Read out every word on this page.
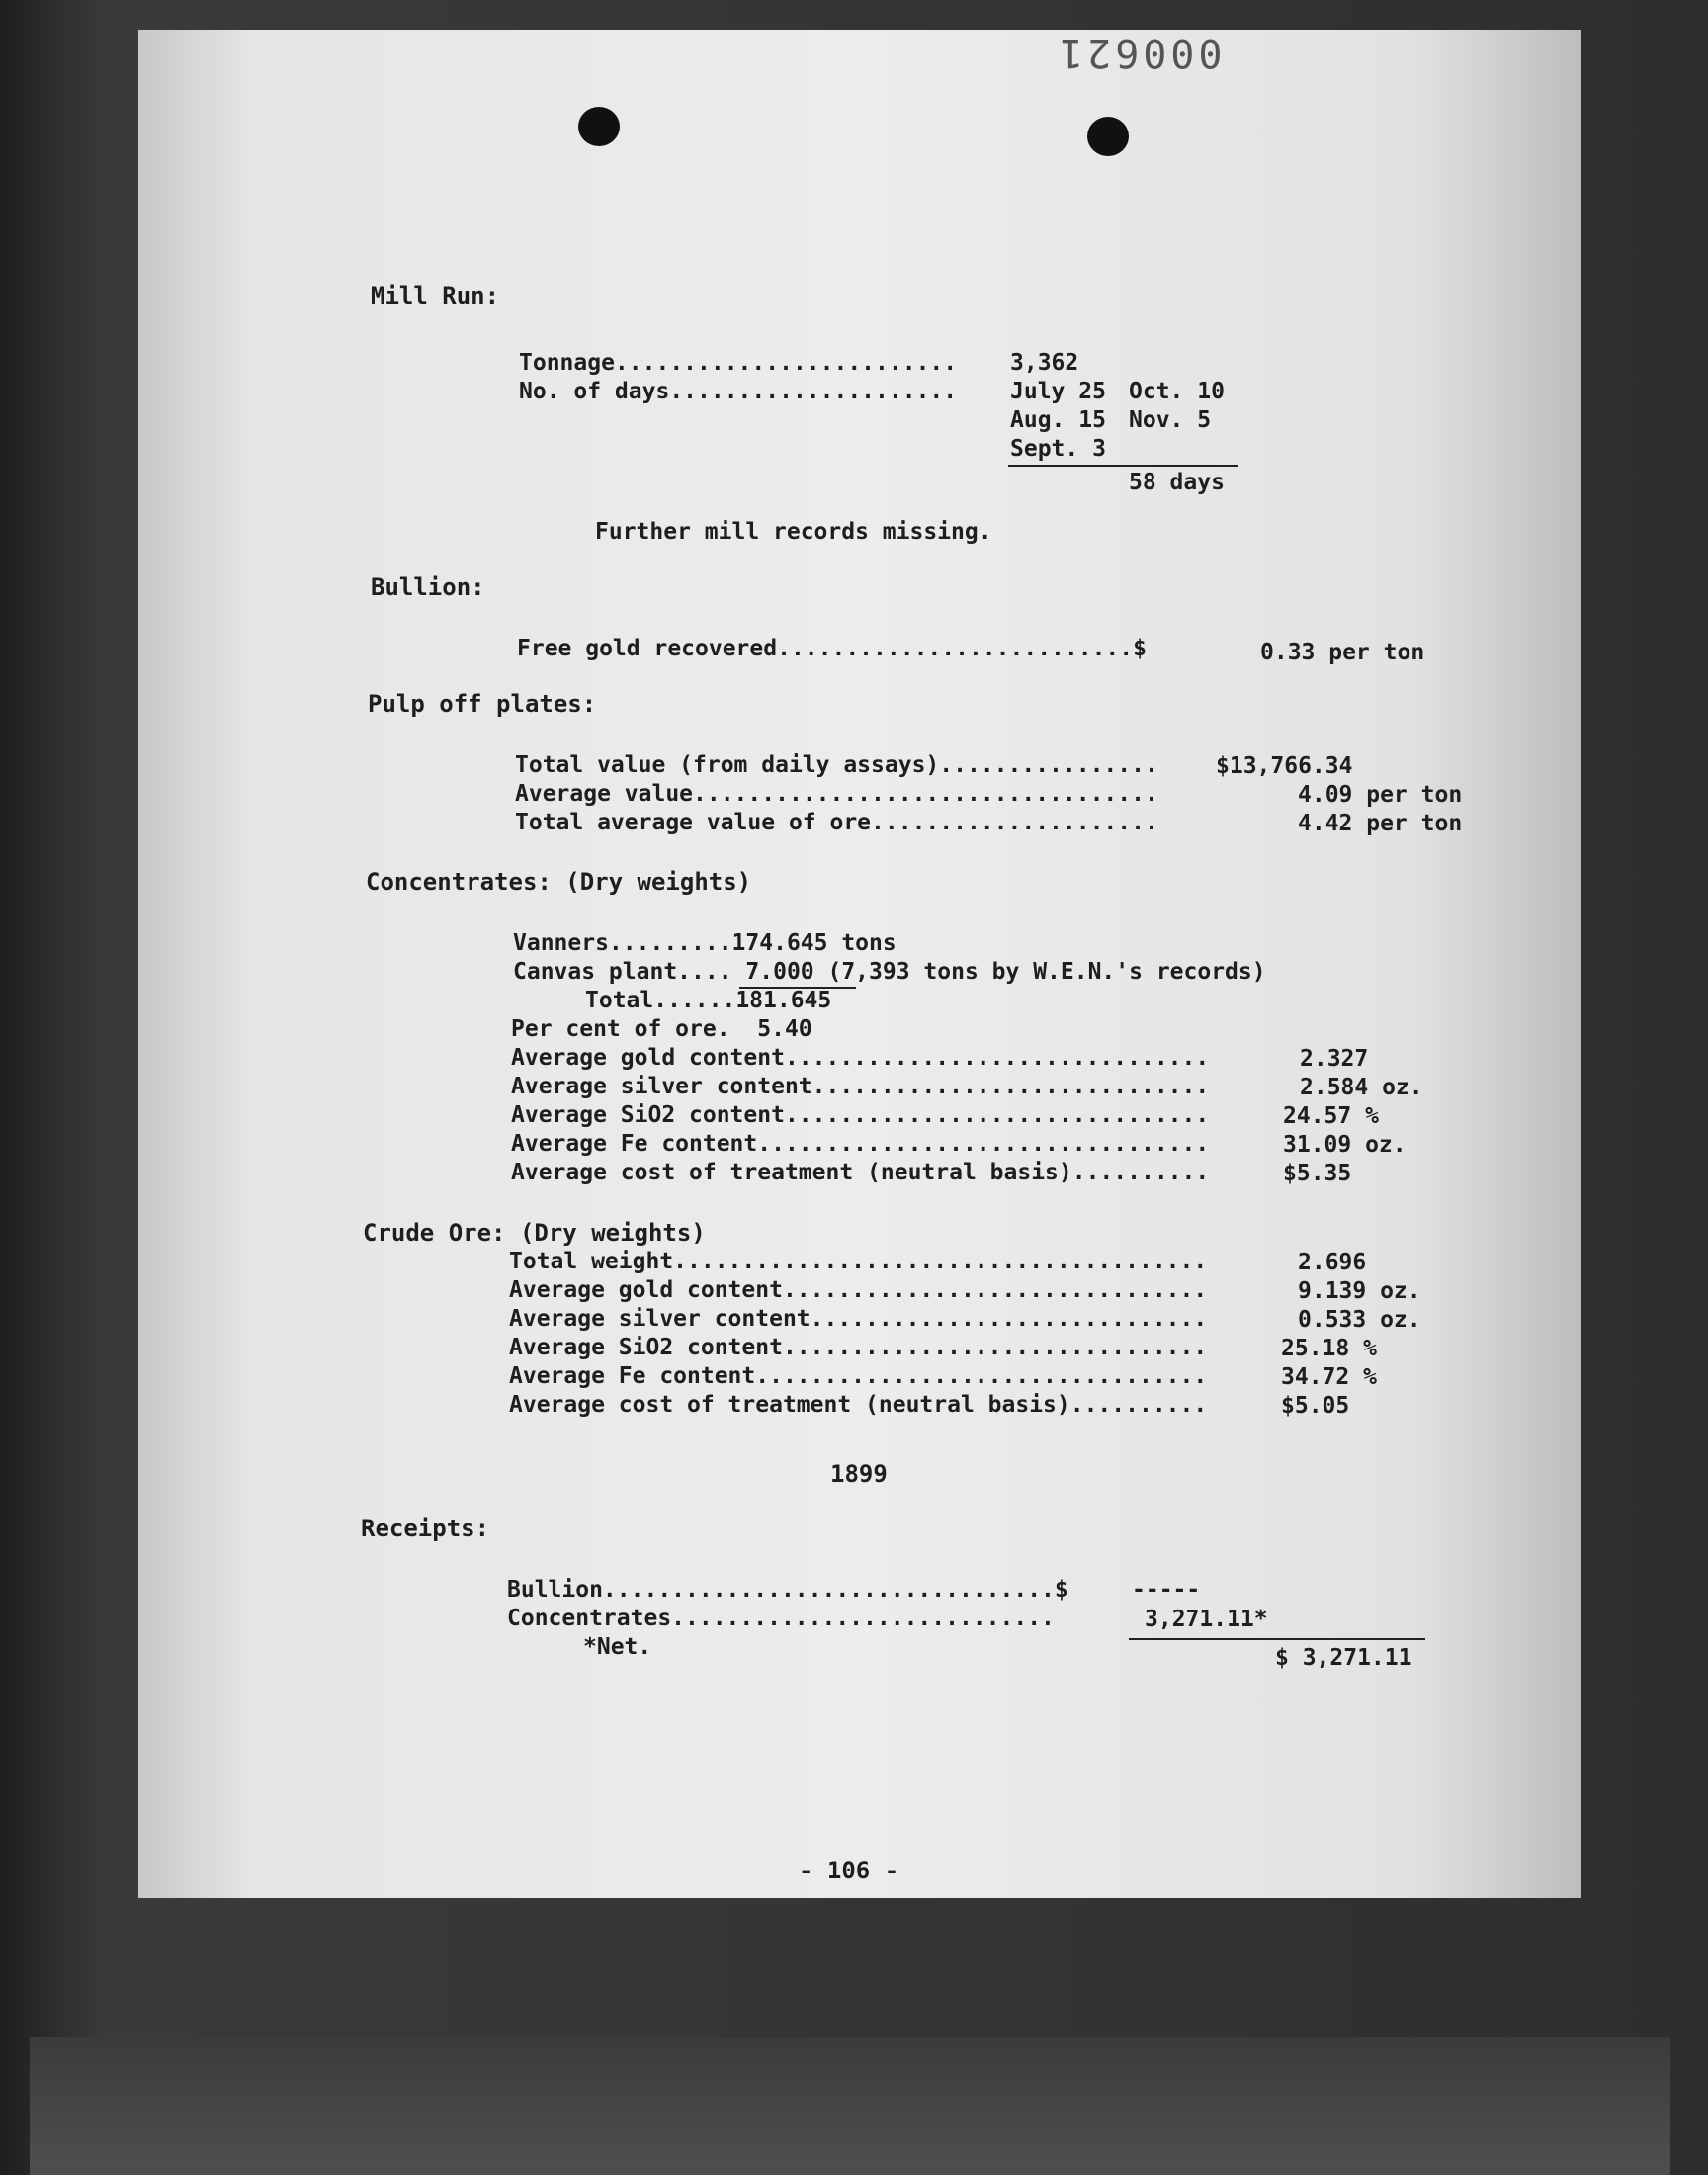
000621
Mill Run:
Tonnage......................... 3,362
No. of days..................... July 25 Oct. 10
Aug. 15 Nov. 5
Sept. 3
58 days
Further mill records missing.
Bullion:
Free gold recovered..........................$	0.33 per ton
Pulp off plates:
Total value (from daily assays)................	$13,766.34
Average value..................................	4.09 per ton
Total average value of ore.....................	4.42 per ton
Concentrates: (Dry weights)
Vanners.........174.645 tons
Canvas plant.... 7.000 (7,393 tons by W.E.N.'s records)
Total......181.645
Per cent of ore.  5.40
Average gold content...............................	2.327
Average silver content.............................	2.584 oz.
Average SiO2 content...............................	24.57 %
Average Fe content.................................	31.09 oz.
Average cost of treatment (neutral basis)..........	$5.35
Crude Ore: (Dry weights)
Total weight.......................................	2.696
Average gold content...............................	9.139 oz.
Average silver content.............................	0.533 oz.
Average SiO2 content...............................	25.18 %
Average Fe content.................................	34.72 %
Average cost of treatment (neutral basis)..........	$5.05
1899
Receipts:
Bullion.................................$	-----
Concentrates............................	3,271.11*
*Net.	$ 3,271.11
- 106 -
